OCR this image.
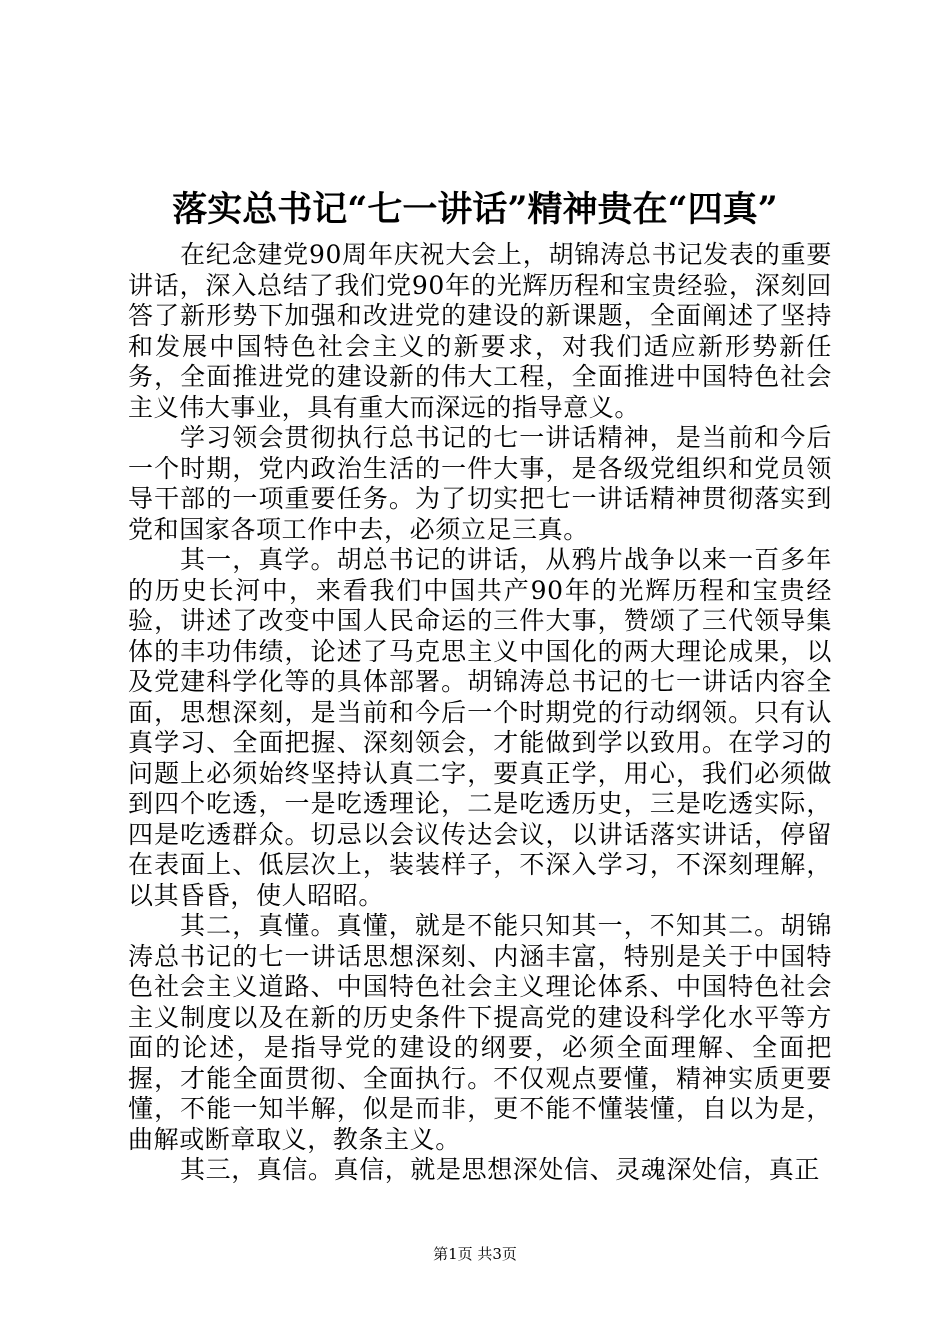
落实总书记“七一讲话”精神贵在“四真”

在纪念建党90周年庆祝大会上，胡锦涛总书记发表的重要讲话，深入总结了我们党90年的光辉历程和宝贵经验，深刻回答了新形势下加强和改进党的建设的新课题，全面阐述了坚持和发展中国特色社会主义的新要求，对我们适应新形势新任务，全面推进党的建设新的伟大工程，全面推进中国特色社会主义伟大事业，具有重大而深远的指导意义。

学习领会贯彻执行总书记的七一讲话精神，是当前和今后一个时期，党内政治生活的一件大事，是各级党组织和党员领导干部的一项重要任务。为了切实把七一讲话精神贯彻落实到党和国家各项工作中去，必须立足三真。

其一，真学。胡总书记的讲话，从鸦片战争以来一百多年的历史长河中，来看我们中国共产90年的光辉历程和宝贵经验，讲述了改变中国人民命运的三件大事，赞颂了三代领导集体的丰功伟绩，论述了马克思主义中国化的两大理论成果，以及党建科学化等的具体部署。胡锦涛总书记的七一讲话内容全面，思想深刻，是当前和今后一个时期党的行动纲领。只有认真学习、全面把握、深刻领会，才能做到学以致用。在学习的问题上必须始终坚持认真二字，要真正学，用心，我们必须做到四个吃透，一是吃透理论，二是吃透历史，三是吃透实际，四是吃透群众。切忌以会议传达会议，以讲话落实讲话，停留在表面上、低层次上，装装样子，不深入学习，不深刻理解，以其昏昏，使人昭昭。

其二，真懂。真懂，就是不能只知其一，不知其二。胡锦涛总书记的七一讲话思想深刻、内涵丰富，特别是关于中国特色社会主义道路、中国特色社会主义理论体系、中国特色社会主义制度以及在新的历史条件下提高党的建设科学化水平等方面的论述，是指导党的建设的纲要，必须全面理解、全面把握，才能全面贯彻、全面执行。不仅观点要懂，精神实质更要懂，不能一知半解，似是而非，更不能不懂装懂，自以为是，曲解或断章取义，教条主义。

其三，真信。真信，就是思想深处信、灵魂深处信，真正

第1页 共3页
